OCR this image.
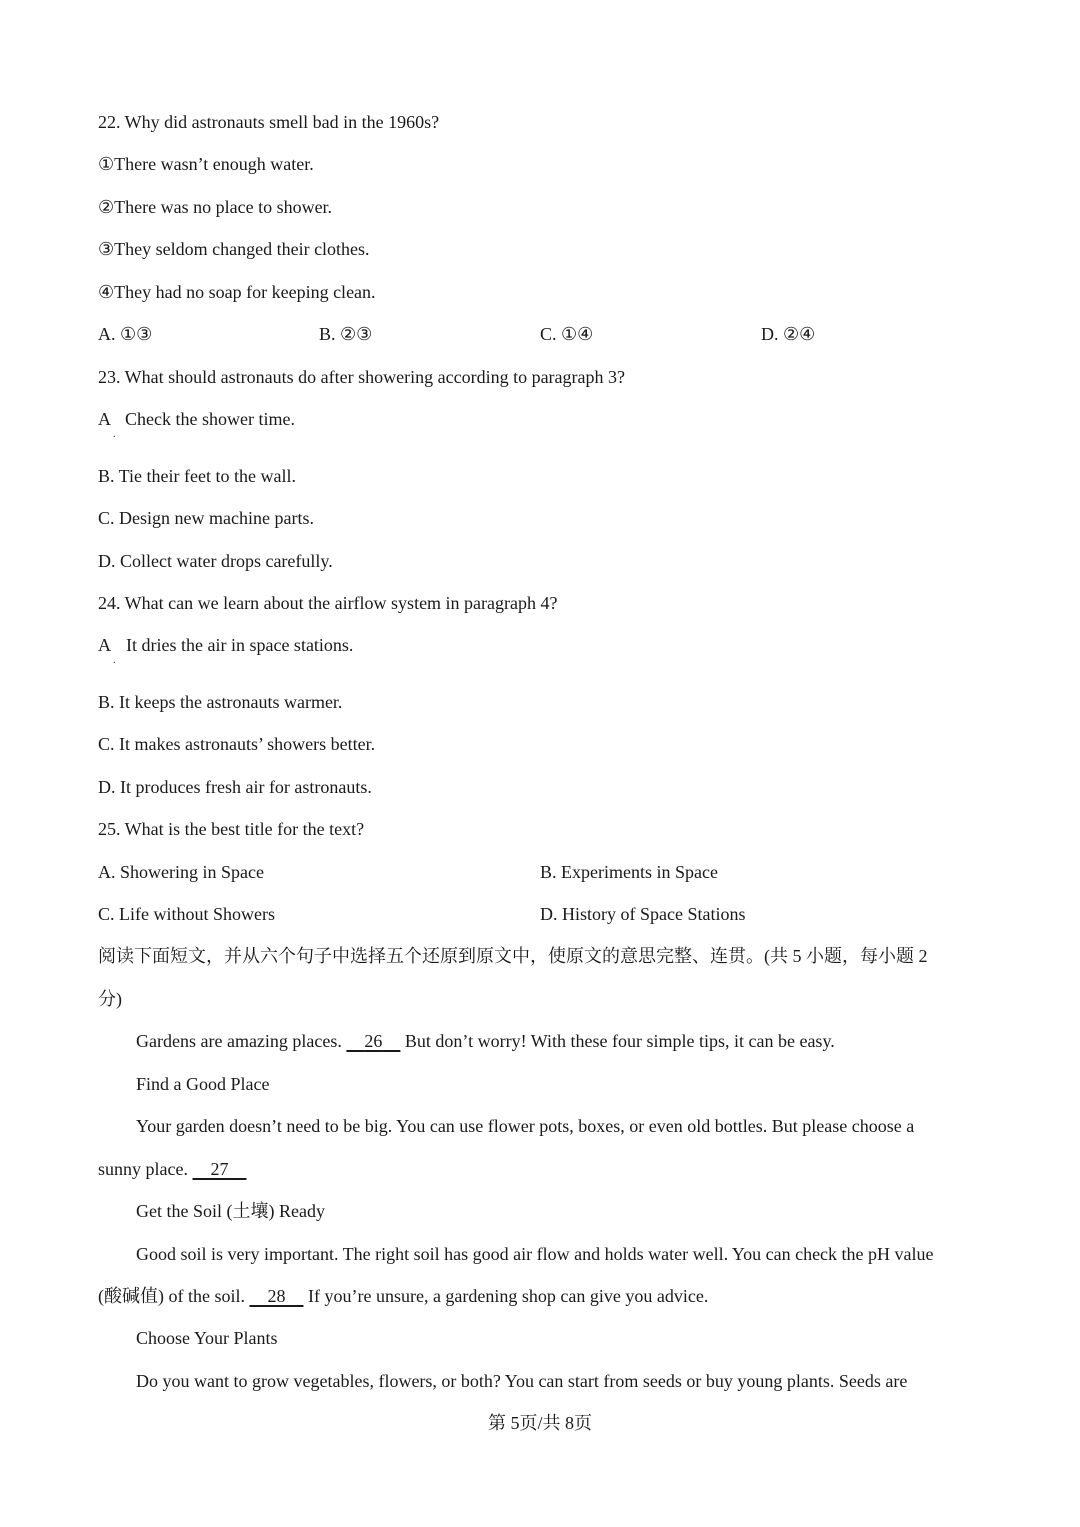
22. Why did astronauts smell bad in the 1960s?
①There wasn’t enough water.
②There was no place to shower.
③They seldom changed their clothes.
④They had no soap for keeping clean.
A. ①③	B. ②③	C. ①④	D. ②④
23. What should astronauts do after showering according to paragraph 3?
A
.
Check the shower time.
B. Tie their feet to the wall.
C. Design new machine parts.
D. Collect water drops carefully.
24. What can we learn about the airflow system in paragraph 4?
A
.
It dries the air in space stations.
B. It keeps the astronauts warmer.
C. It makes astronauts’ showers better.
D. It produces fresh air for astronauts.
25. What is the best title for the text?
A. Showering in Space	B. Experiments in Space
C. Life without Showers	D. History of Space Stations
阅读下面短文，并从六个句子中选择五个还原到原文中，使原文的意思完整、连贯。(共 5 小题，每小题 2
分)
Gardens are amazing places.     26     But don’t worry! With these four simple tips, it can be easy.
Find a Good Place
Your garden doesn’t need to be big. You can use flower pots, boxes, or even old bottles. But please choose a
sunny place.     27
Get the Soil (土壤) Ready
Good soil is very important. The right soil has good air flow and holds water well. You can check the pH value
(酸碱值) of the soil.     28     If you’re unsure, a gardening shop can give you advice.
Choose Your Plants
Do you want to grow vegetables, flowers, or both? You can start from seeds or buy young plants. Seeds are
第 5页/共 8页
